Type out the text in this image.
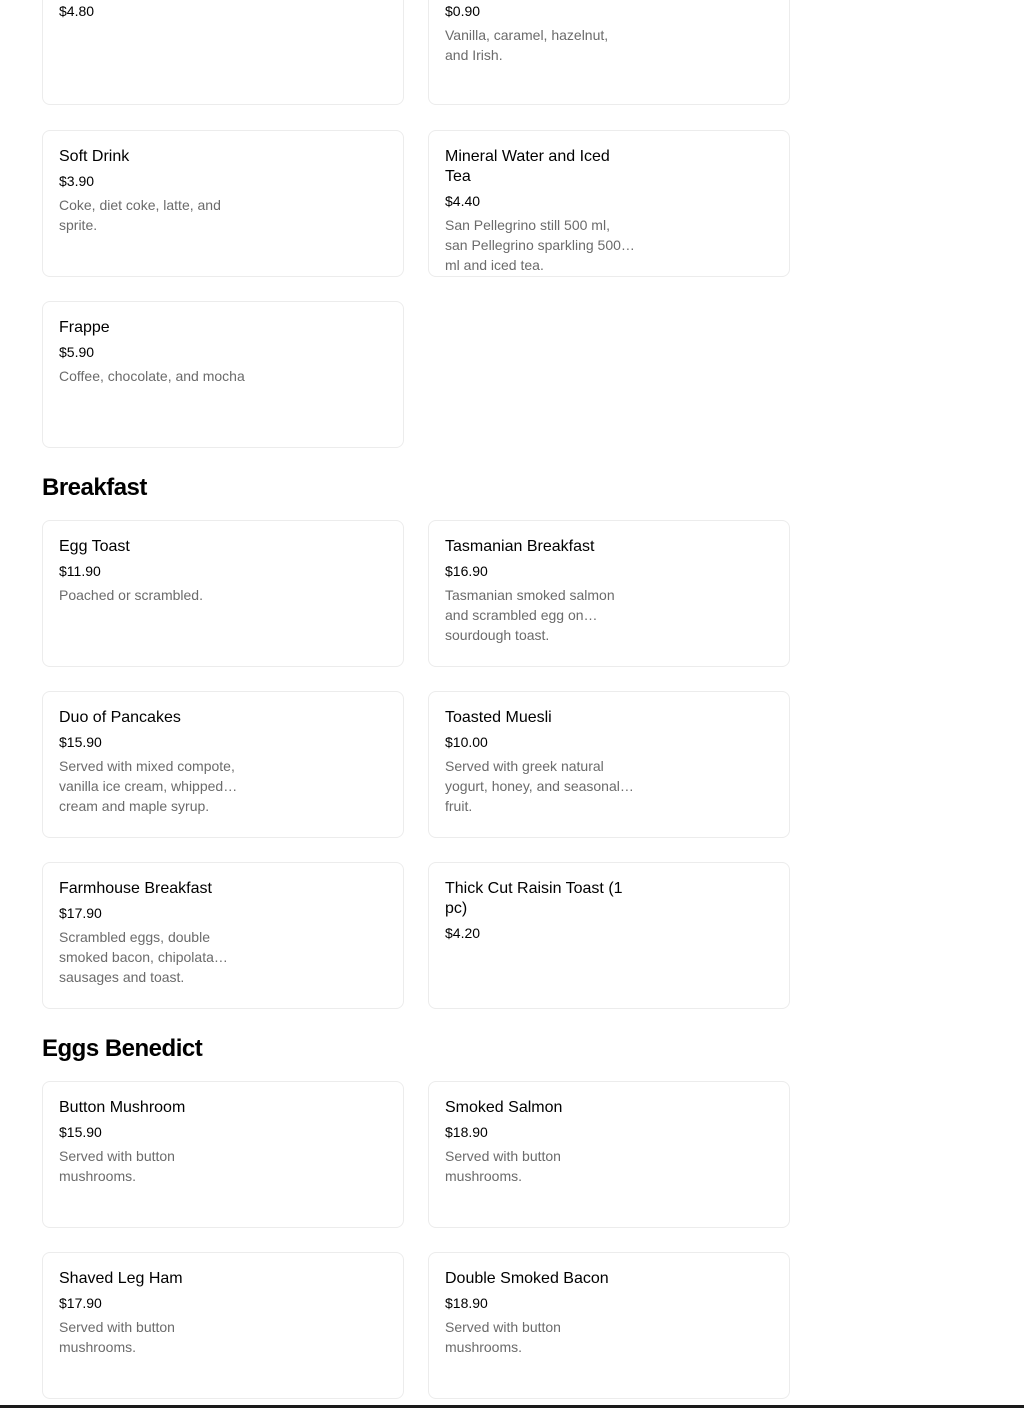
$4.80	$0.90
Vanilla, caramel, hazelnut, and Irish.
Soft Drink
$3.90
Coke, diet coke, latte, and sprite.
Mineral Water and Iced Tea
$4.40
San Pellegrino still 500 ml, san Pellegrino sparkling 500 ml and iced tea.
Frappe
$5.90
Coffee, chocolate, and mocha
Breakfast
Egg Toast
$11.90
Poached or scrambled.
Tasmanian Breakfast
$16.90
Tasmanian smoked salmon and scrambled egg on sourdough toast.
Duo of Pancakes
$15.90
Served with mixed compote, vanilla ice cream, whipped cream and maple syrup.
Toasted Muesli
$10.00
Served with greek natural yogurt, honey, and seasonal fruit.
Farmhouse Breakfast
$17.90
Scrambled eggs, double smoked bacon, chipolata sausages and toast.
Thick Cut Raisin Toast (1 pc)
$4.20
Eggs Benedict
Button Mushroom
$15.90
Served with button mushrooms.
Smoked Salmon
$18.90
Served with button mushrooms.
Shaved Leg Ham
$17.90
Served with button mushrooms.
Double Smoked Bacon
$18.90
Served with button mushrooms.
